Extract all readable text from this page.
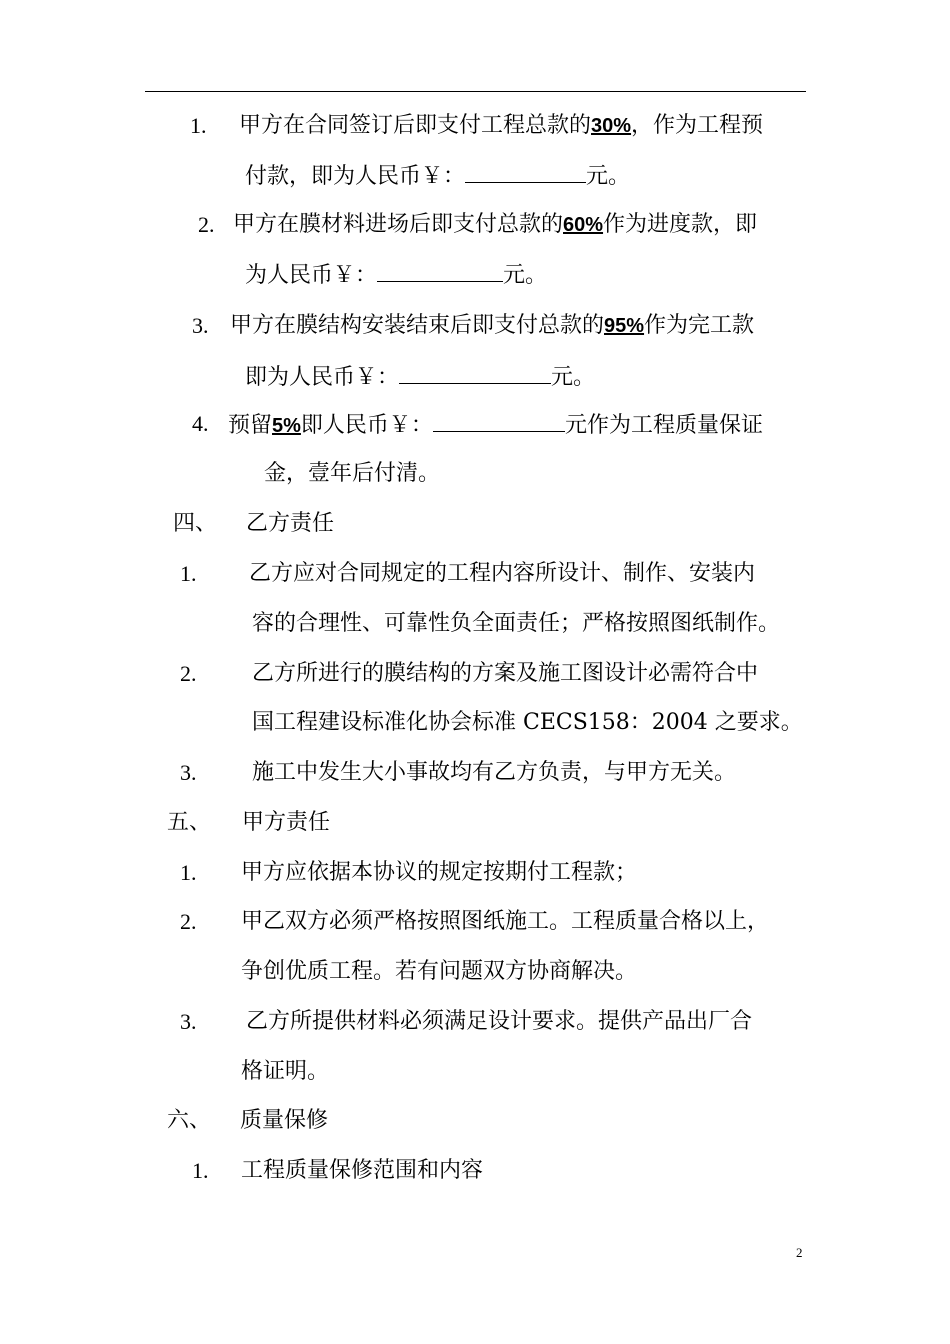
1. 甲方在合同签订后即支付工程总款的30%，作为工程预
付款，即为人民币￥：	元。
2. 甲方在膜材料进场后即支付总款的60%作为进度款，即
为人民币￥：	元。
3. 甲方在膜结构安装结束后即支付总款的95%作为完工款
即为人民币￥：	元。
4. 预留5%即人民币￥：	元作为工程质量保证
金，壹年后付清。
四、 乙方责任
1. 乙方应对合同规定的工程内容所设计、制作、安装内
容的合理性、可靠性负全面责任；严格按照图纸制作。
2.	乙方所进行的膜结构的方案及施工图设计必需符合中
国工程建设标准化协会标准 CECS158：2004 之要求。
3.	施工中发生大小事故均有乙方负责，与甲方无关。
五、 甲方责任
1. 甲方应依据本协议的规定按期付工程款；
2. 甲乙双方必须严格按照图纸施工。工程质量合格以上，
争创优质工程。若有问题双方协商解决。
3. 乙方所提供材料必须满足设计要求。提供产品出厂合
格证明。
六、 质量保修
1. 工程质量保修范围和内容
2
